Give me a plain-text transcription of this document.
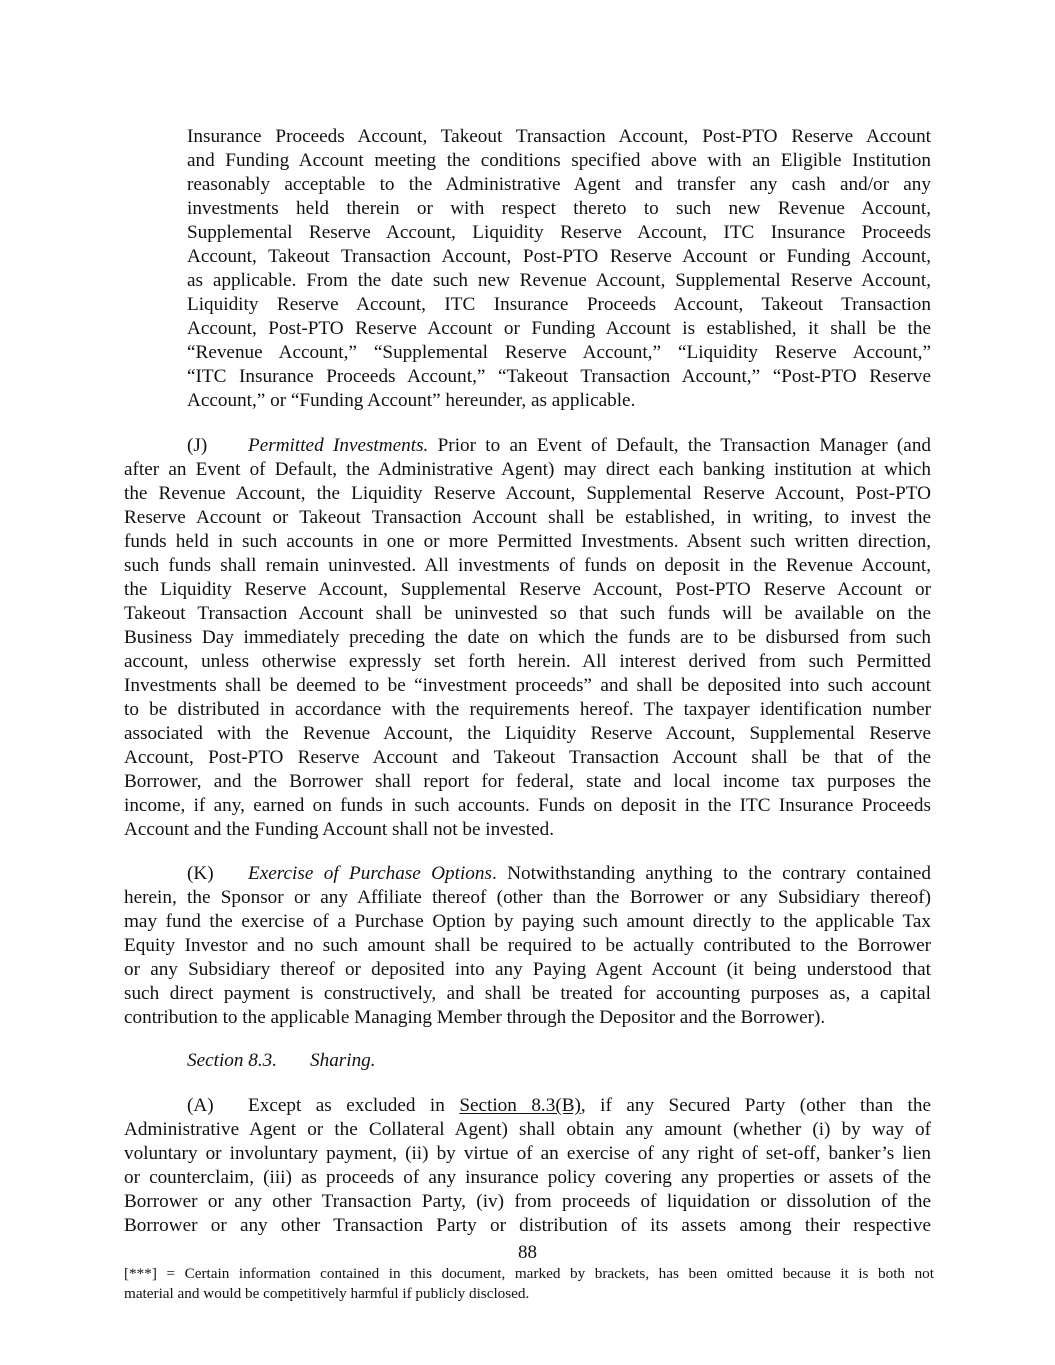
Insurance Proceeds Account, Takeout Transaction Account, Post-PTO Reserve Account
and Funding Account meeting the conditions specified above with an Eligible Institution
reasonably acceptable to the Administrative Agent and transfer any cash and/or any
investments held therein or with respect thereto to such new Revenue Account,
Supplemental Reserve Account, Liquidity Reserve Account, ITC Insurance Proceeds
Account, Takeout Transaction Account, Post-PTO Reserve Account or Funding Account,
as applicable. From the date such new Revenue Account, Supplemental Reserve Account,
Liquidity Reserve Account, ITC Insurance Proceeds Account, Takeout Transaction
Account, Post-PTO Reserve Account or Funding Account is established, it shall be the
“Revenue Account,” “Supplemental Reserve Account,” “Liquidity Reserve Account,”
“ITC Insurance Proceeds Account,” “Takeout Transaction Account,” “Post-PTO Reserve
Account,” or “Funding Account” hereunder, as applicable.
(J) Permitted Investments. Prior to an Event of Default, the Transaction Manager (and
after an Event of Default, the Administrative Agent) may direct each banking institution at which
the Revenue Account, the Liquidity Reserve Account, Supplemental Reserve Account, Post-PTO
Reserve Account or Takeout Transaction Account shall be established, in writing, to invest the
funds held in such accounts in one or more Permitted Investments. Absent such written direction,
such funds shall remain uninvested. All investments of funds on deposit in the Revenue Account,
the Liquidity Reserve Account, Supplemental Reserve Account, Post-PTO Reserve Account or
Takeout Transaction Account shall be uninvested so that such funds will be available on the
Business Day immediately preceding the date on which the funds are to be disbursed from such
account, unless otherwise expressly set forth herein. All interest derived from such Permitted
Investments shall be deemed to be “investment proceeds” and shall be deposited into such account
to be distributed in accordance with the requirements hereof. The taxpayer identification number
associated with the Revenue Account, the Liquidity Reserve Account, Supplemental Reserve
Account, Post-PTO Reserve Account and Takeout Transaction Account shall be that of the
Borrower, and the Borrower shall report for federal, state and local income tax purposes the
income, if any, earned on funds in such accounts. Funds on deposit in the ITC Insurance Proceeds
Account and the Funding Account shall not be invested.
(K) Exercise of Purchase Options. Notwithstanding anything to the contrary contained
herein, the Sponsor or any Affiliate thereof (other than the Borrower or any Subsidiary thereof)
may fund the exercise of a Purchase Option by paying such amount directly to the applicable Tax
Equity Investor and no such amount shall be required to be actually contributed to the Borrower
or any Subsidiary thereof or deposited into any Paying Agent Account (it being understood that
such direct payment is constructively, and shall be treated for accounting purposes as, a capital
contribution to the applicable Managing Member through the Depositor and the Borrower).
Section 8.3. Sharing.
(A) Except as excluded in Section 8.3(B), if any Secured Party (other than the
Administrative Agent or the Collateral Agent) shall obtain any amount (whether (i) by way of
voluntary or involuntary payment, (ii) by virtue of an exercise of any right of set-off, banker’s lien
or counterclaim, (iii) as proceeds of any insurance policy covering any properties or assets of the
Borrower or any other Transaction Party, (iv) from proceeds of liquidation or dissolution of the
Borrower or any other Transaction Party or distribution of its assets among their respective
88
[***] = Certain information contained in this document, marked by brackets, has been omitted because it is both not
material and would be competitively harmful if publicly disclosed.
